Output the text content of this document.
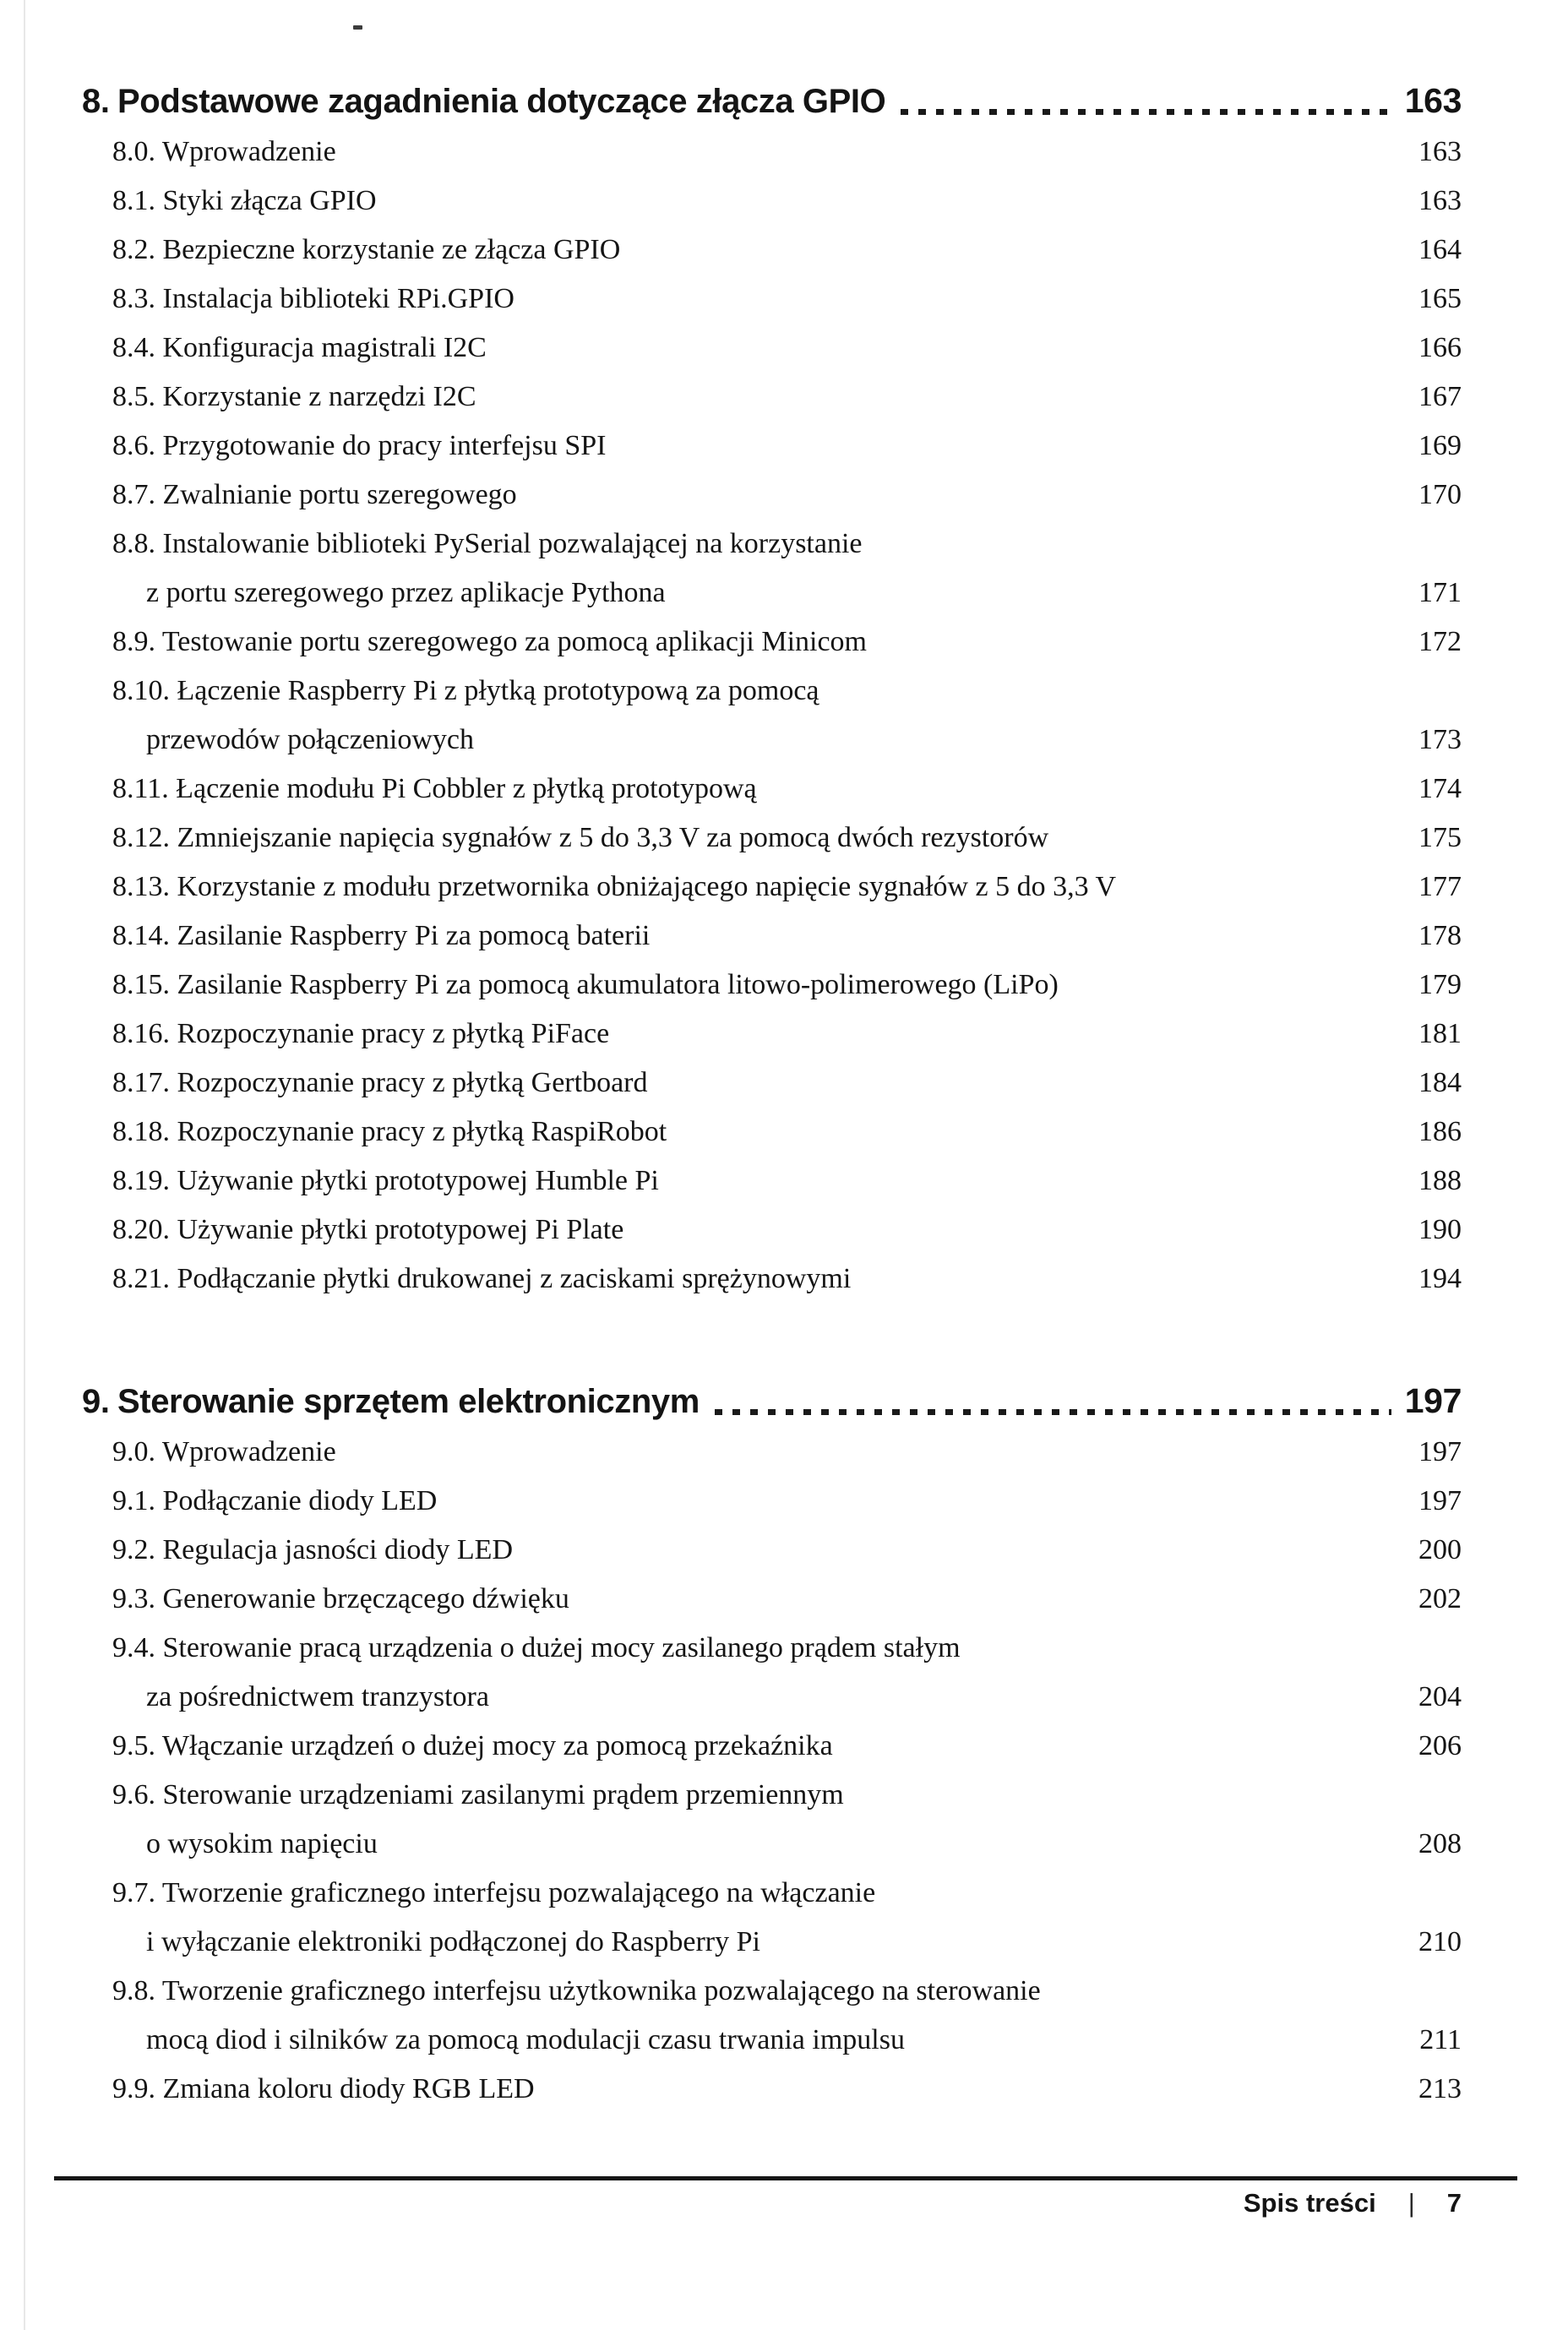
8. Podstawowe zagadnienia dotyczące złącza GPIO	163
8.0. Wprowadzenie	163
8.1. Styki złącza GPIO	163
8.2. Bezpieczne korzystanie ze złącza GPIO	164
8.3. Instalacja biblioteki RPi.GPIO	165
8.4. Konfiguracja magistrali I2C	166
8.5. Korzystanie z narzędzi I2C	167
8.6. Przygotowanie do pracy interfejsu SPI	169
8.7. Zwalnianie portu szeregowego	170
8.8. Instalowanie biblioteki PySerial pozwalającej na korzystanie
z portu szeregowego przez aplikacje Pythona	171
8.9. Testowanie portu szeregowego za pomocą aplikacji Minicom	172
8.10. Łączenie Raspberry Pi z płytką prototypową za pomocą
przewodów połączeniowych	173
8.11. Łączenie modułu Pi Cobbler z płytką prototypową	174
8.12. Zmniejszanie napięcia sygnałów z 5 do 3,3 V za pomocą dwóch rezystorów	175
8.13. Korzystanie z modułu przetwornika obniżającego napięcie sygnałów z 5 do 3,3 V	177
8.14. Zasilanie Raspberry Pi za pomocą baterii	178
8.15. Zasilanie Raspberry Pi za pomocą akumulatora litowo-polimerowego (LiPo)	179
8.16. Rozpoczynanie pracy z płytką PiFace	181
8.17. Rozpoczynanie pracy z płytką Gertboard	184
8.18. Rozpoczynanie pracy z płytką RaspiRobot	186
8.19. Używanie płytki prototypowej Humble Pi	188
8.20. Używanie płytki prototypowej Pi Plate	190
8.21. Podłączanie płytki drukowanej z zaciskami sprężynowymi	194
9. Sterowanie sprzętem elektronicznym	197
9.0. Wprowadzenie	197
9.1. Podłączanie diody LED	197
9.2. Regulacja jasności diody LED	200
9.3. Generowanie brzęczącego dźwięku	202
9.4. Sterowanie pracą urządzenia o dużej mocy zasilanego prądem stałym
za pośrednictwem tranzystora	204
9.5. Włączanie urządzeń o dużej mocy za pomocą przekaźnika	206
9.6. Sterowanie urządzeniami zasilanymi prądem przemiennym
o wysokim napięciu	208
9.7. Tworzenie graficznego interfejsu pozwalającego na włączanie
i wyłączanie elektroniki podłączonej do Raspberry Pi	210
9.8. Tworzenie graficznego interfejsu użytkownika pozwalającego na sterowanie
mocą diod i silników za pomocą modulacji czasu trwania impulsu	211
9.9. Zmiana koloru diody RGB LED	213
Spis treści | 7
